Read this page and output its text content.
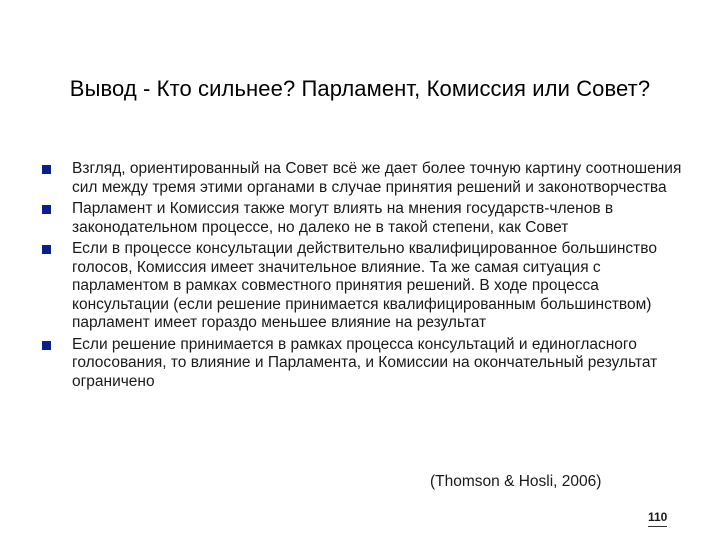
Вывод - Кто сильнее? Парламент, Комиссия или Совет?
Взгляд, ориентированный на Совет всё же дает более точную картину соотношения сил между тремя этими органами в случае принятия решений и законотворчества
Парламент и Комиссия также могут влиять на мнения государств-членов в законодательном процессе, но далеко не в такой степени, как Совет
Если в процессе консультации действительно квалифицированное большинство голосов, Комиссия имеет значительное влияние. Та же самая ситуация с парламентом в рамках совместного принятия решений. В ходе процесса консультации (если решение принимается квалифицированным большинством) парламент имеет гораздо меньшее влияние на результат
Если решение принимается в рамках процесса консультаций и единогласного голосования, то влияние и Парламента, и Комиссии на окончательный результат ограничено
(Thomson & Hosli, 2006)
110
